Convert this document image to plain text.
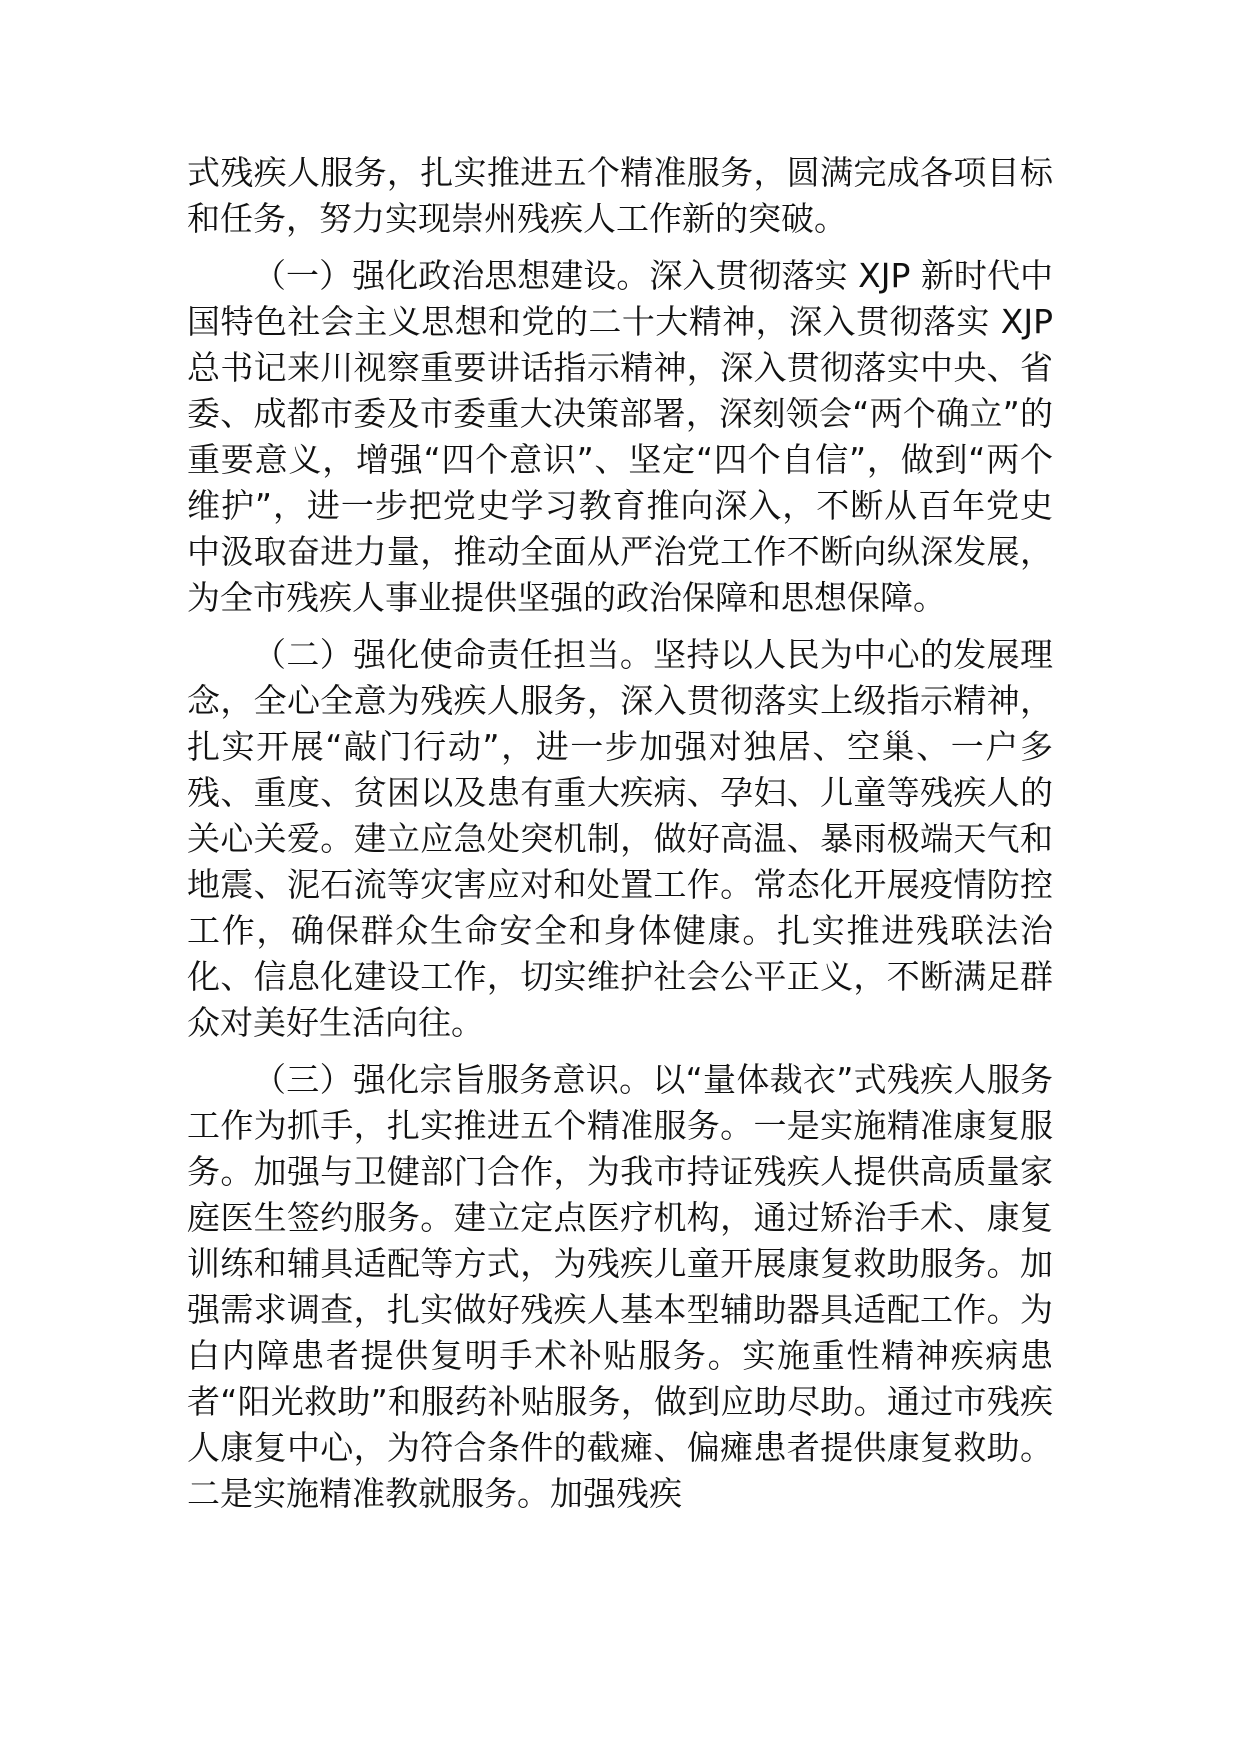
式残疾人服务，扎实推进五个精准服务，圆满完成各项目标和任务，努力实现崇州残疾人工作新的突破。

（一）强化政治思想建设。深入贯彻落实 XJP 新时代中国特色社会主义思想和党的二十大精神，深入贯彻落实 XJP 总书记来川视察重要讲话指示精神，深入贯彻落实中央、省委、成都市委及市委重大决策部署，深刻领会“两个确立”的重要意义，增强“四个意识”、坚定“四个自信”，做到“两个维护”，进一步把党史学习教育推向深入，不断从百年党史中汲取奋进力量，推动全面从严治党工作不断向纵深发展，为全市残疾人事业提供坚强的政治保障和思想保障。

（二）强化使命责任担当。坚持以人民为中心的发展理念，全心全意为残疾人服务，深入贯彻落实上级指示精神，扎实开展“敲门行动”，进一步加强对独居、空巢、一户多残、重度、贫困以及患有重大疾病、孕妇、儿童等残疾人的关心关爱。建立应急处突机制，做好高温、暴雨极端天气和地震、泥石流等灾害应对和处置工作。常态化开展疫情防控工作，确保群众生命安全和身体健康。扎实推进残联法治化、信息化建设工作，切实维护社会公平正义，不断满足群众对美好生活向往。

（三）强化宗旨服务意识。以“量体裁衣”式残疾人服务工作为抓手，扎实推进五个精准服务。一是实施精准康复服务。加强与卫健部门合作，为我市持证残疾人提供高质量家庭医生签约服务。建立定点医疗机构，通过矫治手术、康复训练和辅具适配等方式，为残疾儿童开展康复救助服务。加强需求调查，扎实做好残疾人基本型辅助器具适配工作。为白内障患者提供复明手术补贴服务。实施重性精神疾病患者“阳光救助”和服药补贴服务，做到应助尽助。通过市残疾人康复中心，为符合条件的截瘫、偏瘫患者提供康复救助。二是实施精准教就服务。加强残疾
